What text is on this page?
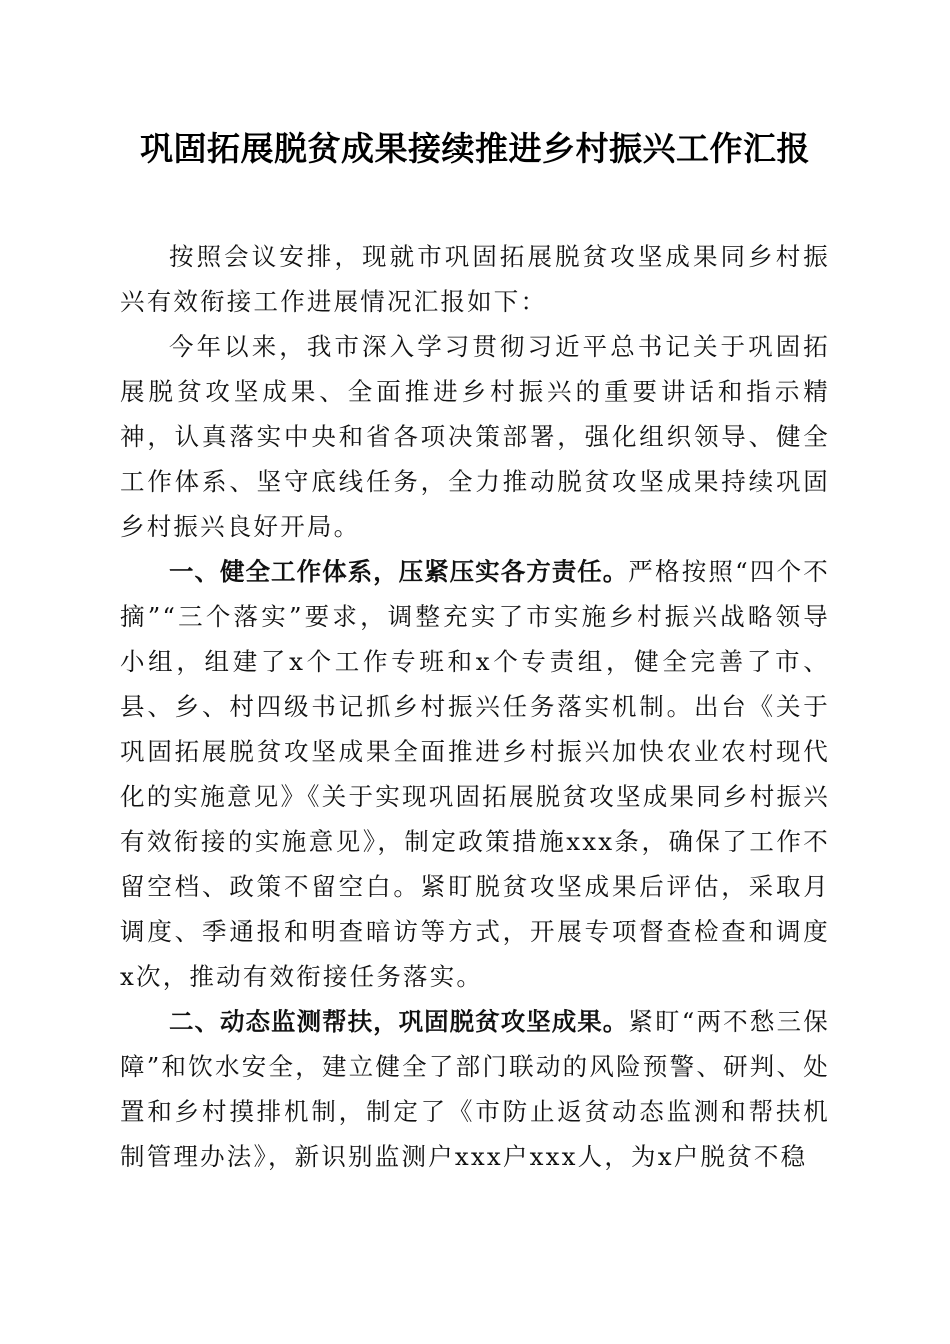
巩固拓展脱贫成果接续推进乡村振兴工作汇报

按照会议安排，现就市巩固拓展脱贫攻坚成果同乡村振兴有效衔接工作进展情况汇报如下：

今年以来，我市深入学习贯彻习近平总书记关于巩固拓展脱贫攻坚成果、全面推进乡村振兴的重要讲话和指示精神，认真落实中央和省各项决策部署，强化组织领导、健全工作体系、坚守底线任务，全力推动脱贫攻坚成果持续巩固乡村振兴良好开局。

一、健全工作体系，压紧压实各方责任。严格按照“四个不摘”“三个落实”要求，调整充实了市实施乡村振兴战略领导小组，组建了x个工作专班和x个专责组，健全完善了市、县、乡、村四级书记抓乡村振兴任务落实机制。出台《关于巩固拓展脱贫攻坚成果全面推进乡村振兴加快农业农村现代化的实施意见》《关于实现巩固拓展脱贫攻坚成果同乡村振兴有效衔接的实施意见》，制定政策措施xxx条，确保了工作不留空档、政策不留空白。紧盯脱贫攻坚成果后评估，采取月调度、季通报和明查暗访等方式，开展专项督查检查和调度x次，推动有效衔接任务落实。

二、动态监测帮扶，巩固脱贫攻坚成果。紧盯“两不愁三保障”和饮水安全，建立健全了部门联动的风险预警、研判、处置和乡村摸排机制，制定了《市防止返贫动态监测和帮扶机制管理办法》，新识别监测户xxx户xxx人，为x户脱贫不稳
